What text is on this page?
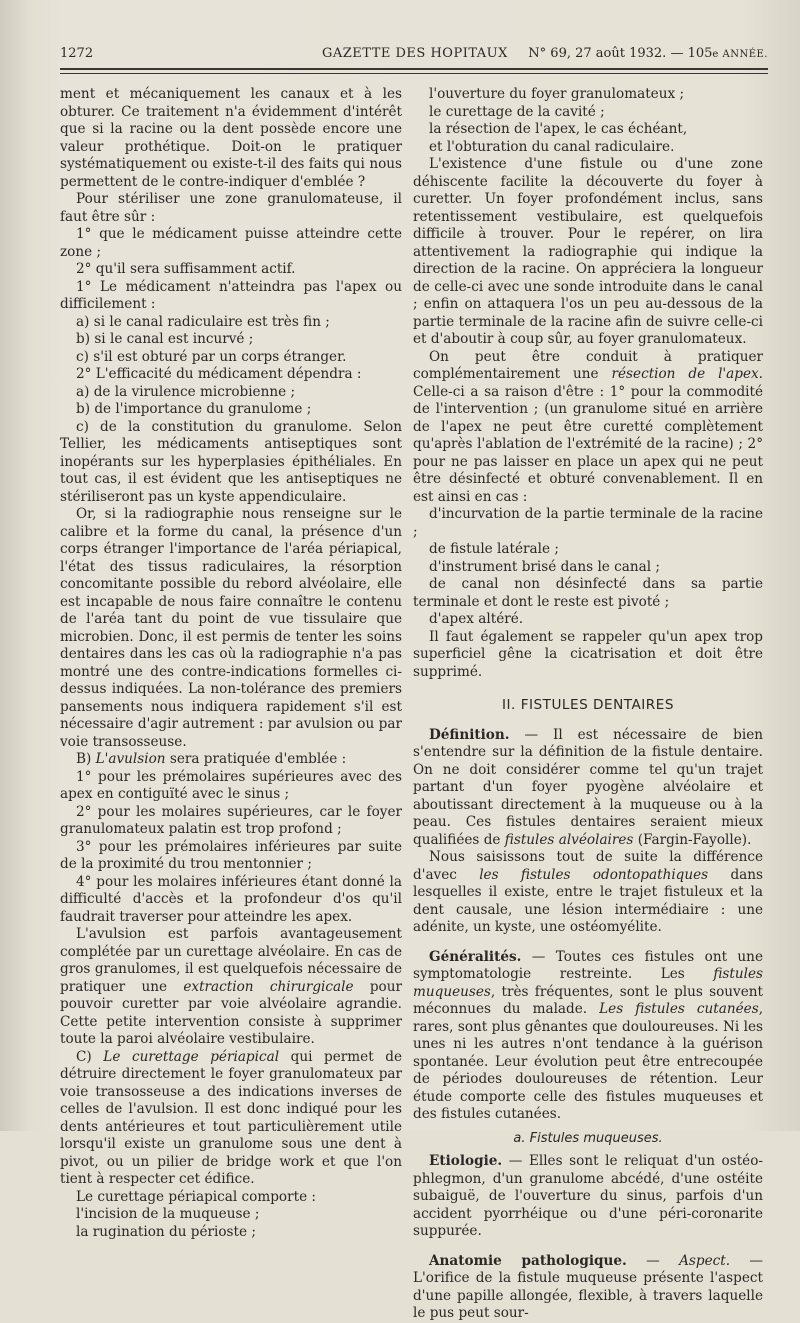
1272	GAZETTE DES HOPITAUX N° 69, 27 août 1932. — 105e ANNÉE.

ment et mécaniquement les canaux et à les obturer. Ce traitement n'a évidemment d'intérêt que si la racine ou la dent possède encore une valeur prothétique. Doit-on le pratiquer systématiquement ou existe-t-il des faits qui nous permettent de le contre-indiquer d'emblée ?

Pour stériliser une zone granulomateuse, il faut être sûr :

1° que le médicament puisse atteindre cette zone ;

2° qu'il sera suffisamment actif.

1° Le médicament n'atteindra pas l'apex ou difficilement :

a) si le canal radiculaire est très fin ;

b) si le canal est incurvé ;

c) s'il est obturé par un corps étranger.

2° L'efficacité du médicament dépendra :

a) de la virulence microbienne ;

b) de l'importance du granulome ;

c) de la constitution du granulome. Selon Tellier, les médicaments antiseptiques sont inopérants sur les hyperplasies épithéliales. En tout cas, il est évident que les antiseptiques ne stériliseront pas un kyste appendiculaire.

Or, si la radiographie nous renseigne sur le calibre et la forme du canal, la présence d'un corps étranger l'importance de l'aréa périapical, l'état des tissus radiculaires, la résorption concomitante possible du rebord alvéolaire, elle est incapable de nous faire connaître le contenu de l'aréa tant du point de vue tissulaire que microbien. Donc, il est permis de tenter les soins dentaires dans les cas où la radiographie n'a pas montré une des contre-indications formelles ci-dessus indiquées. La non-tolérance des premiers pansements nous indiquera rapidement s'il est nécessaire d'agir autrement : par avulsion ou par voie transosseuse.

B) L'avulsion sera pratiquée d'emblée :

1° pour les prémolaires supérieures avec des apex en contiguïté avec le sinus ;

2° pour les molaires supérieures, car le foyer granulomateux palatin est trop profond ;

3° pour les prémolaires inférieures par suite de la proximité du trou mentonnier ;

4° pour les molaires inférieures étant donné la difficulté d'accès et la profondeur d'os qu'il faudrait traverser pour atteindre les apex.

L'avulsion est parfois avantageusement complétée par un curettage alvéolaire. En cas de gros granulomes, il est quelquefois nécessaire de pratiquer une extraction chirurgicale pour pouvoir curetter par voie alvéolaire agrandie. Cette petite intervention consiste à supprimer toute la paroi alvéolaire vestibulaire.

C) Le curettage périapical qui permet de détruire directement le foyer granulomateux par voie transosseuse a des indications inverses de celles de l'avulsion. Il est donc indiqué pour les dents antérieures et tout particulièrement utile lorsqu'il existe un granulome sous une dent à pivot, ou un pilier de bridge work et que l'on tient à respecter cet édifice.

Le curettage périapical comporte :

l'incision de la muqueuse ;

la rugination du périoste ;

l'ouverture du foyer granulomateux ;

le curettage de la cavité ;

la résection de l'apex, le cas échéant,

et l'obturation du canal radiculaire.

L'existence d'une fistule ou d'une zone déhiscente facilite la découverte du foyer à curetter. Un foyer profondément inclus, sans retentissement vestibulaire, est quelquefois difficile à trouver. Pour le repérer, on lira attentivement la radiographie qui indique la direction de la racine. On appréciera la longueur de celle-ci avec une sonde introduite dans le canal ; enfin on attaquera l'os un peu au-dessous de la partie terminale de la racine afin de suivre celle-ci et d'aboutir à coup sûr, au foyer granulomateux.

On peut être conduit à pratiquer complémentairement une résection de l'apex. Celle-ci a sa raison d'être : 1° pour la commodité de l'intervention ; (un granulome situé en arrière de l'apex ne peut être curetté complètement qu'après l'ablation de l'extrémité de la racine) ; 2° pour ne pas laisser en place un apex qui ne peut être désinfecté et obturé convenablement. Il en est ainsi en cas :

d'incurvation de la partie terminale de la racine ;

de fistule latérale ;

d'instrument brisé dans le canal ;

de canal non désinfecté dans sa partie terminale et dont le reste est pivoté ;

d'apex altéré.

Il faut également se rappeler qu'un apex trop superficiel gêne la cicatrisation et doit être supprimé.

II. FISTULES DENTAIRES

Définition. — Il est nécessaire de bien s'entendre sur la définition de la fistule dentaire. On ne doit considérer comme tel qu'un trajet partant d'un foyer pyogène alvéolaire et aboutissant directement à la muqueuse ou à la peau. Ces fistules dentaires seraient mieux qualifiées de fistules alvéolaires (Fargin-Fayolle).

Nous saisissons tout de suite la différence d'avec les fistules odontopathiques dans lesquelles il existe, entre le trajet fistuleux et la dent causale, une lésion intermédiaire : une adénite, un kyste, une ostéomyélite.

Généralités. — Toutes ces fistules ont une symptomatologie restreinte. Les fistules muqueuses, très fréquentes, sont le plus souvent méconnues du malade. Les fistules cutanées, rares, sont plus gênantes que douloureuses. Ni les unes ni les autres n'ont tendance à la guérison spontanée. Leur évolution peut être entrecoupée de périodes douloureuses de rétention. Leur étude comporte celle des fistules muqueuses et des fistules cutanées.

a. Fistules muqueuses.

Etiologie. — Elles sont le reliquat d'un ostéo-phlegmon, d'un granulome abcédé, d'une ostéite subaiguë, de l'ouverture du sinus, parfois d'un accident pyorrhéique ou d'une péri-coronarite suppurée.

Anatomie pathologique. — Aspect. — L'orifice de la fistule muqueuse présente l'aspect d'une papille allongée, flexible, à travers laquelle le pus peut sour-
